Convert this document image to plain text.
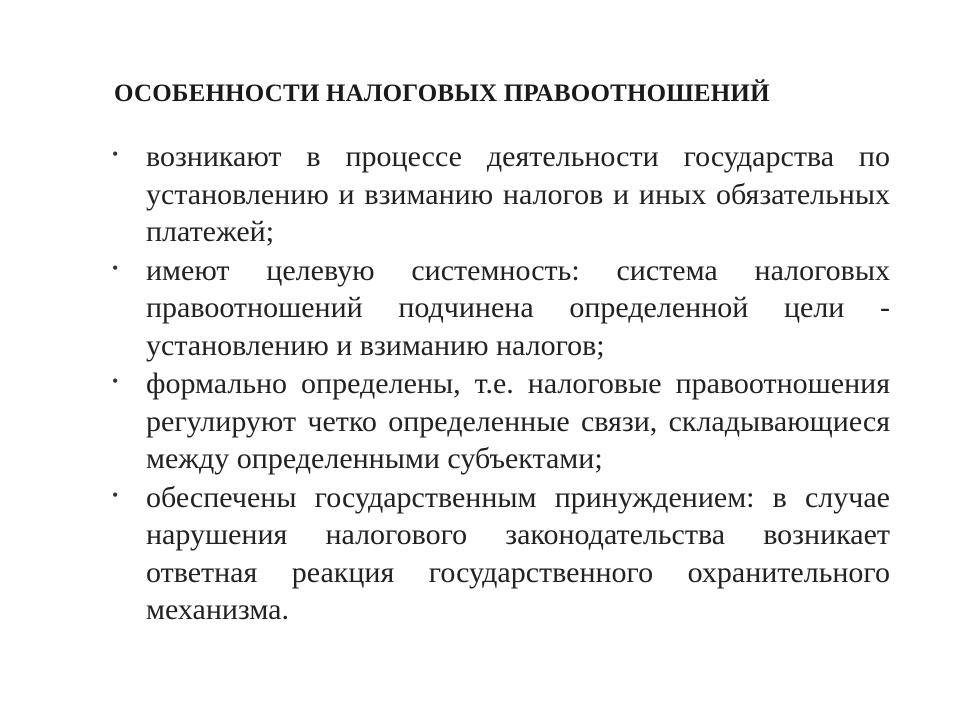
ОСОБЕННОСТИ НАЛОГОВЫХ ПРАВООТНОШЕНИЙ
• возникают в процессе деятельности государства по установлению и взиманию налогов и иных обязательных платежей;
• имеют целевую системность: система налоговых правоотношений подчинена определенной цели - установлению и взиманию налогов;
• формально определены, т.е. налоговые правоотношения регулируют четко определенные связи, складывающиеся между определенными субъектами;
• обеспечены государственным принуждением: в случае нарушения налогового законодательства возникает ответная реакция государственного охранительного механизма.
